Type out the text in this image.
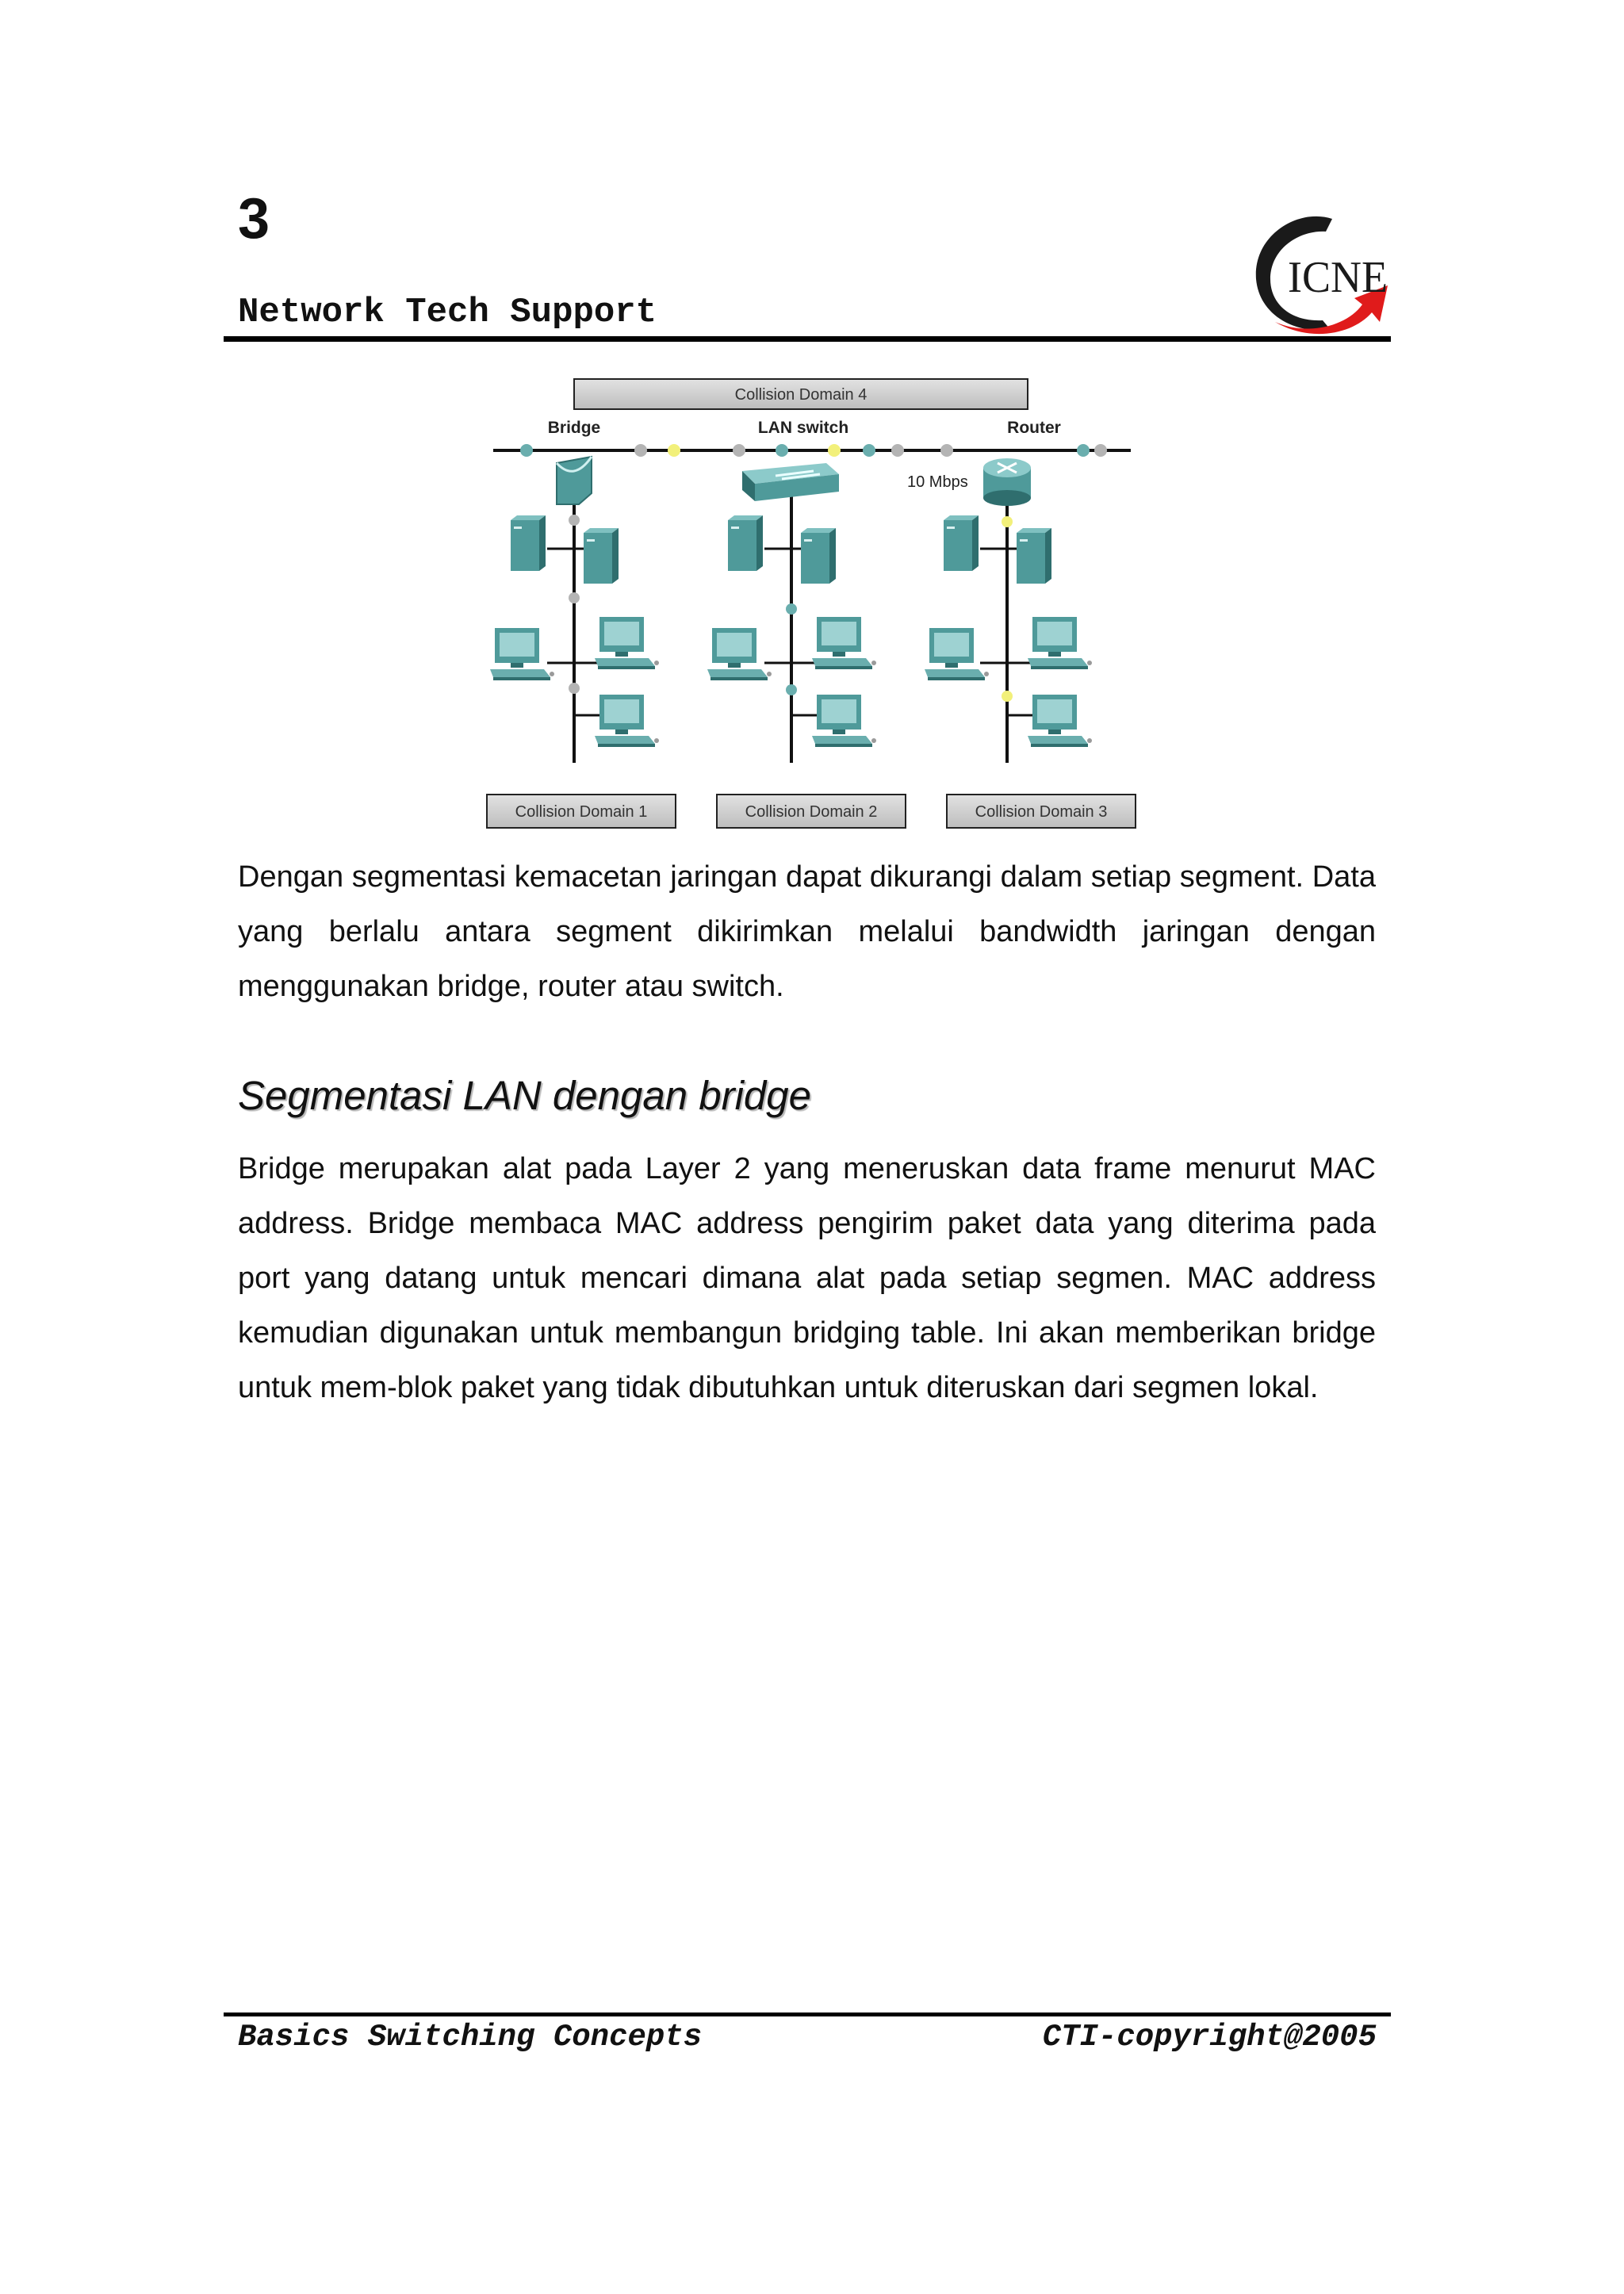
3
Network Tech Support
ICNE
Collision Domain 4
Bridge	LAN switch	Router
10 Mbps
Collision Domain 1	Collision Domain 2	Collision Domain 3

Dengan segmentasi kemacetan jaringan dapat dikurangi dalam setiap segment. Data yang berlalu antara segment dikirimkan melalui bandwidth jaringan dengan menggunakan bridge, router atau switch.

Segmentasi LAN dengan bridge

Bridge merupakan alat pada Layer 2 yang meneruskan data frame menurut MAC address. Bridge membaca MAC address pengirim paket data yang diterima pada port yang datang untuk mencari dimana alat pada setiap segmen. MAC address kemudian digunakan untuk membangun bridging table. Ini akan memberikan bridge untuk mem-blok paket yang tidak dibutuhkan untuk diteruskan dari segmen lokal.

Basics Switching Concepts	CTI-copyright@2005
